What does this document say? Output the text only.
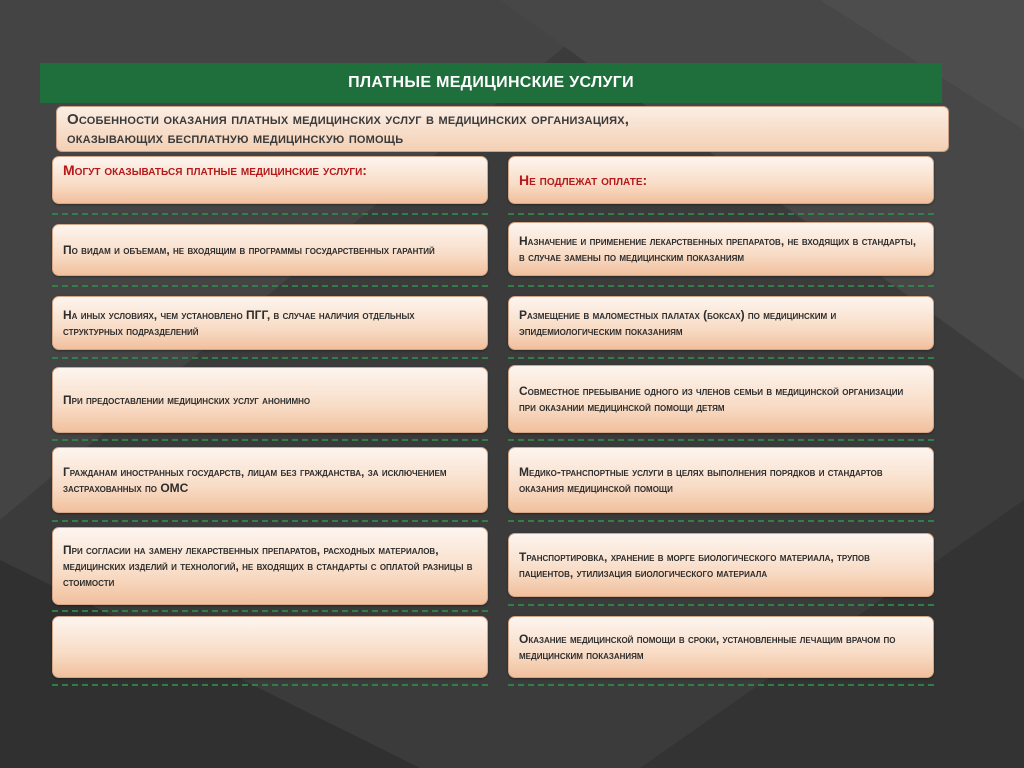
ПЛАТНЫЕ МЕДИЦИНСКИЕ УСЛУГИ
Особенности оказания платных медицинских услуг в медицинских организациях,
оказывающих бесплатную медицинскую помощь
Могут оказываться платные медицинские услуги:
По видам и объемам, не входящим в программы государственных гарантий
На иных условиях, чем установлено ПГГ, в случае наличия отдельных структурных подразделений
При предоставлении медицинских услуг анонимно
Гражданам иностранных государств, лицам без гражданства, за исключением застрахованных по ОМС
При согласии на замену лекарственных препаратов, расходных материалов, медицинских изделий и технологий, не входящих в стандарты с оплатой разницы в стоимости
Не подлежат оплате:
Назначение и применение лекарственных препаратов, не входящих в стандарты, в случае замены по медицинским показаниям
Размещение в маломестных палатах (боксах) по медицинским и эпидемиологическим показаниям
Совместное пребывание одного из членов семьи в медицинской организации при оказании медицинской помощи детям
Медико-транспортные услуги в целях выполнения порядков и стандартов оказания медицинской помощи
Транспортировка, хранение в морге биологического материала, трупов пациентов, утилизация биологического материала
Оказание медицинской помощи в сроки, установленные лечащим врачом по медицинским показаниям
